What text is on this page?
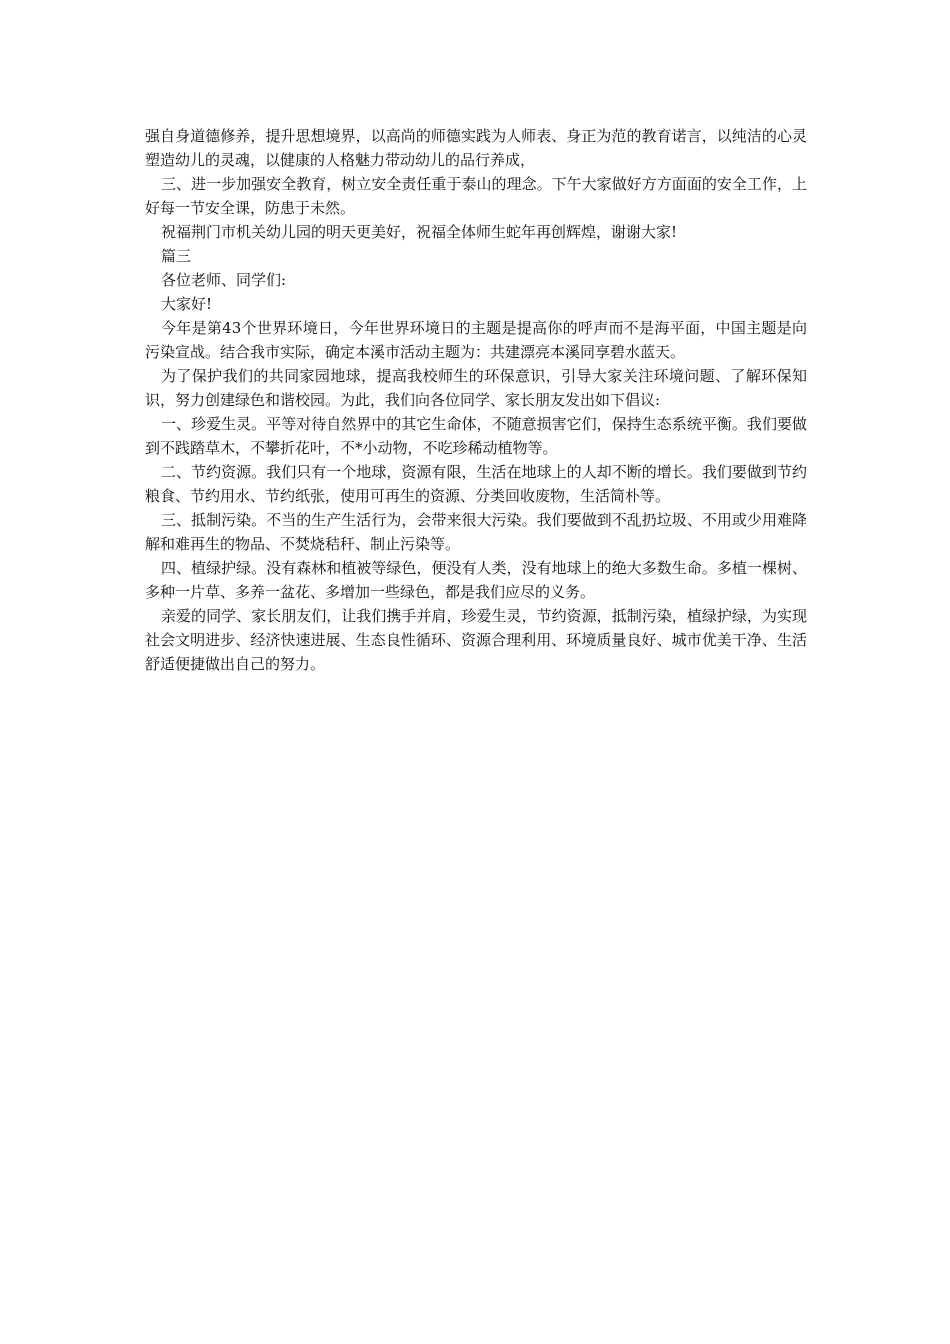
强自身道德修养，提升思想境界，以高尚的师德实践为人师表、身正为范的教育诺言，以纯洁的心灵塑造幼儿的灵魂，以健康的人格魅力带动幼儿的品行养成，

三、进一步加强安全教育，树立安全责任重于泰山的理念。下午大家做好方方面面的安全工作，上好每一节安全课，防患于未然。

祝福荆门市机关幼儿园的明天更美好，祝福全体师生蛇年再创辉煌，谢谢大家!

篇三

各位老师、同学们:

大家好!

今年是第43个世界环境日，今年世界环境日的主题是提高你的呼声而不是海平面，中国主题是向污染宣战。结合我市实际，确定本溪市活动主题为：共建漂亮本溪同享碧水蓝天。

为了保护我们的共同家园地球，提高我校师生的环保意识，引导大家关注环境问题、了解环保知识，努力创建绿色和谐校园。为此，我们向各位同学、家长朋友发出如下倡议:

一、珍爱生灵。平等对待自然界中的其它生命体，不随意损害它们，保持生态系统平衡。我们要做到不践踏草木，不攀折花叶，不*小动物，不吃珍稀动植物等。

二、节约资源。我们只有一个地球，资源有限，生活在地球上的人却不断的增长。我们要做到节约粮食、节约用水、节约纸张，使用可再生的资源、分类回收废物，生活简朴等。

三、抵制污染。不当的生产生活行为，会带来很大污染。我们要做到不乱扔垃圾、不用或少用难降解和难再生的物品、不焚烧秸秆、制止污染等。

四、植绿护绿。没有森林和植被等绿色，便没有人类，没有地球上的绝大多数生命。多植一棵树、多种一片草、多养一盆花、多增加一些绿色，都是我们应尽的义务。

亲爱的同学、家长朋友们，让我们携手并肩，珍爱生灵，节约资源，抵制污染，植绿护绿，为实现社会文明进步、经济快速进展、生态良性循环、资源合理利用、环境质量良好、城市优美干净、生活舒适便捷做出自己的努力。
